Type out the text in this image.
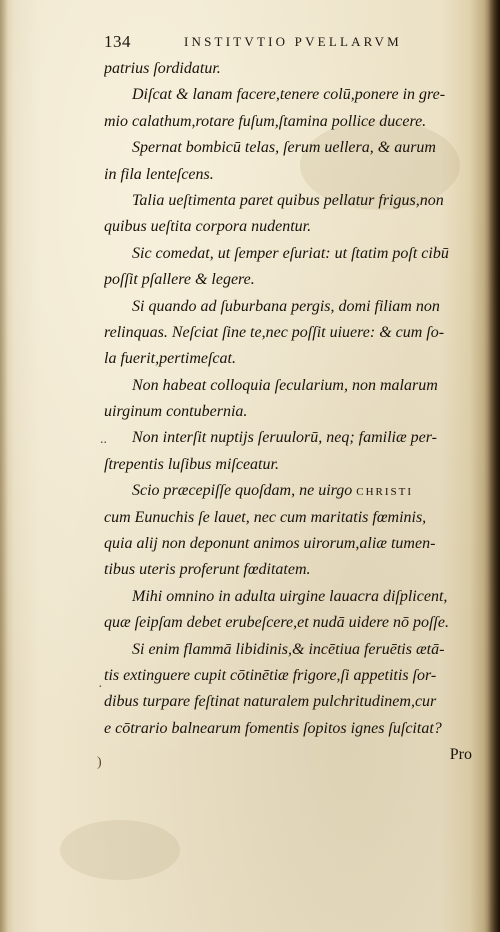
134	INSTITVTIO PVELLARVM
patrius ſordidatur.
Diſcat & lanam facere,tenere colū,ponere in gre-
mio calathum,rotare fuſum,ſtamina pollice ducere.
Spernat bombicū telas, ſerum uellera, & aurum
in fila lenteſcens.
Talia ueſtimenta paret quibus pellatur frigus,non
quibus ueſtita corpora nudentur.
Sic comedat, ut ſemper eſuriat: ut ſtatim poſt cibū
poſſit pſallere & legere.
Si quando ad ſuburbana pergis, domi filiam non
relinquas. Neſciat ſine te,nec poſſit uiuere: & cum ſo-
la fuerit,pertimeſcat.
Non habeat colloquia ſecularium, non malarum
uirginum contubernia.
Non interſit nuptijs ſeruulorū, neq; familiæ per-
ſtrepentis luſibus miſceatur.
Scio præcepiſſe quoſdam, ne uirgo CHRISTI
cum Eunuchis ſe lauet, nec cum maritatis fœminis,
quia alij non deponunt animos uirorum,aliæ tumen-
tibus uteris proferunt fœditatem.
Mihi omnino in adulta uirgine lauacra diſplicent,
quæ ſeipſam debet erubeſcere,et nudā uidere nō poſſe.
Si enim flammā libidinis,& incētiua feruētis ætā-
tis extinguere cupit cōtinētiæ frigore,ſi appetitis ſor-
dibus turpare feſtinat naturalem pulchritudinem,cur
e cōtrario balnearum fomentis ſopitos ignes ſuſcitat?
Pro
..
·
)
